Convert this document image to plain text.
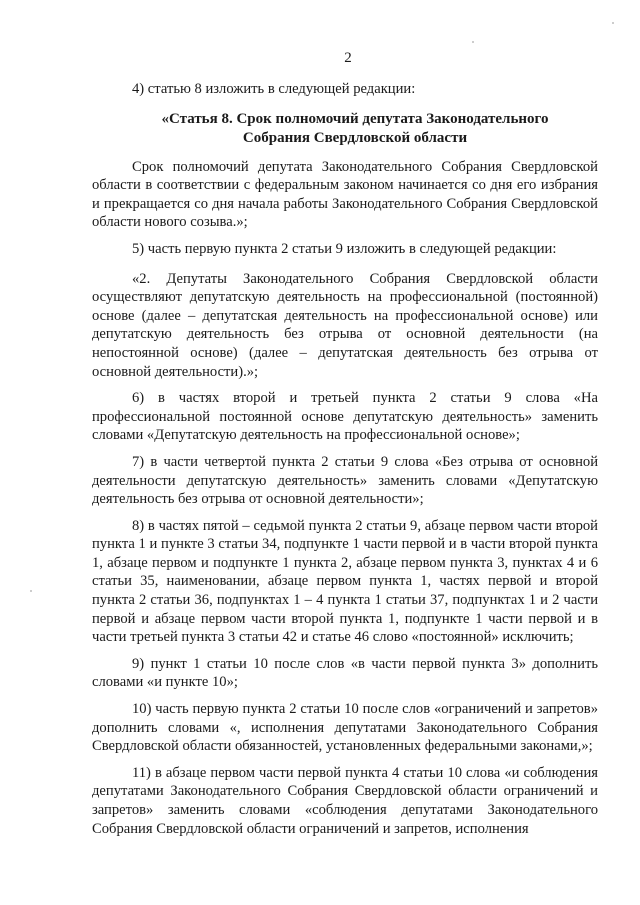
2

4) статью 8 изложить в следующей редакции:

«Статья 8. Срок полномочий депутата Законодательного
Собрания Свердловской области

Срок полномочий депутата Законодательного Собрания Свердловской области в соответствии с федеральным законом начинается со дня его избрания и прекращается со дня начала работы Законодательного Собрания Свердловской области нового созыва.»;

5) часть первую пункта 2 статьи 9 изложить в следующей редакции:

«2. Депутаты Законодательного Собрания Свердловской области осуществляют депутатскую деятельность на профессиональной (постоянной) основе (далее – депутатская деятельность на профессиональной основе) или депутатскую деятельность без отрыва от основной деятельности (на непостоянной основе) (далее – депутатская деятельность без отрыва от основной деятельности).»;

6) в частях второй и третьей пункта 2 статьи 9 слова «На профессиональной постоянной основе депутатскую деятельность» заменить словами «Депутатскую деятельность на профессиональной основе»;

7) в части четвертой пункта 2 статьи 9 слова «Без отрыва от основной деятельности депутатскую деятельность» заменить словами «Депутатскую деятельность без отрыва от основной деятельности»;

8) в частях пятой – седьмой пункта 2 статьи 9, абзаце первом части второй пункта 1 и пункте 3 статьи 34, подпункте 1 части первой и в части второй пункта 1, абзаце первом и подпункте 1 пункта 2, абзаце первом пункта 3, пунктах 4 и 6 статьи 35, наименовании, абзаце первом пункта 1, частях первой и второй пункта 2 статьи 36, подпунктах 1 – 4 пункта 1 статьи 37, подпунктах 1 и 2 части первой и абзаце первом части второй пункта 1, подпункте 1 части первой и в части третьей пункта 3 статьи 42 и статье 46 слово «постоянной» исключить;

9) пункт 1 статьи 10 после слов «в части первой пункта 3» дополнить словами «и пункте 10»;

10) часть первую пункта 2 статьи 10 после слов «ограничений и запретов» дополнить словами «, исполнения депутатами Законодательного Собрания Свердловской области обязанностей, установленных федеральными законами,»;

11) в абзаце первом части первой пункта 4 статьи 10 слова «и соблюдения депутатами Законодательного Собрания Свердловской области ограничений и запретов» заменить словами «соблюдения депутатами Законодательного Собрания Свердловской области ограничений и запретов, исполнения
